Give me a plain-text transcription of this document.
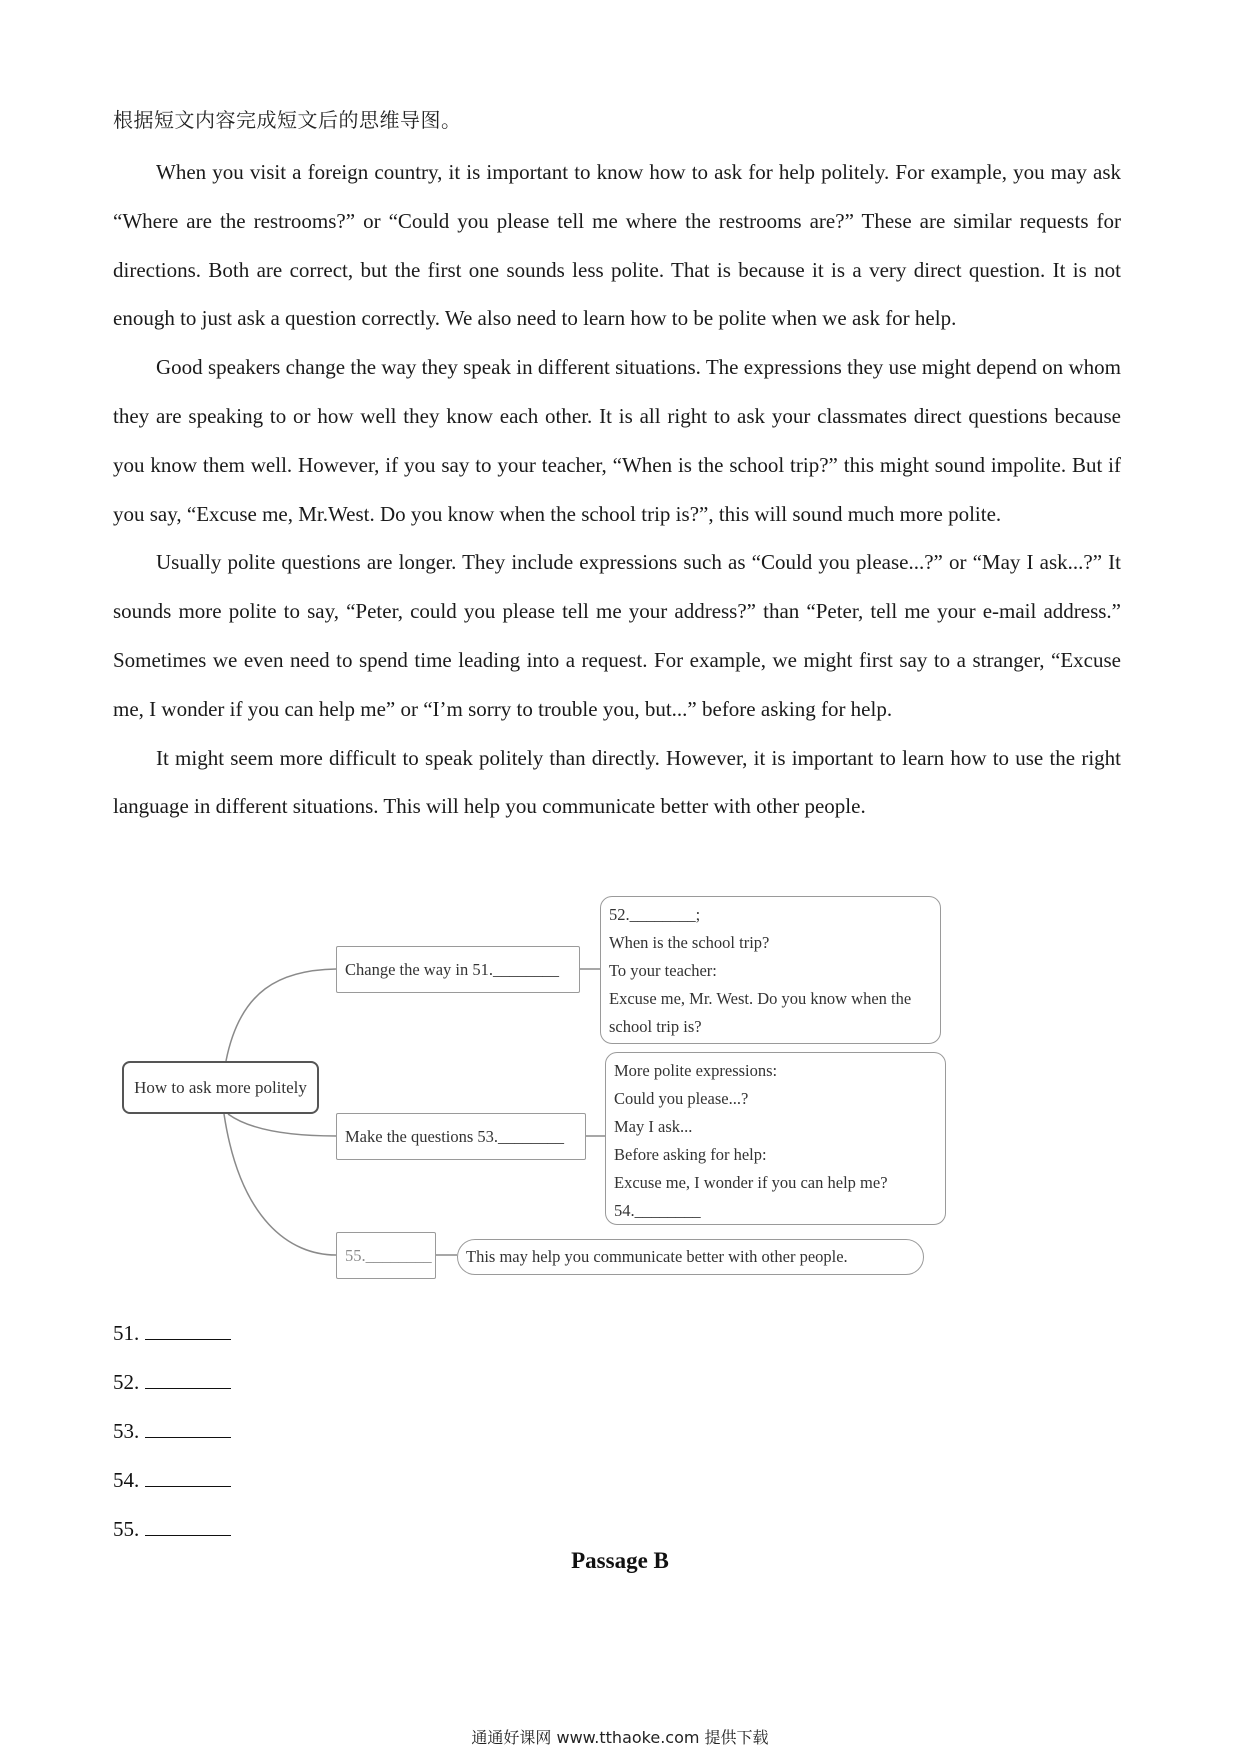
根据短文内容完成短文后的思维导图。

When you visit a foreign country, it is important to know how to ask for help politely. For example, you may ask “Where are the restrooms?” or “Could you please tell me where the restrooms are?” These are similar requests for directions. Both are correct, but the first one sounds less polite. That is because it is a very direct question. It is not enough to just ask a question correctly. We also need to learn how to be polite when we ask for help.

Good speakers change the way they speak in different situations. The expressions they use might depend on whom they are speaking to or how well they know each other. It is all right to ask your classmates direct questions because you know them well. However, if you say to your teacher, “When is the school trip?” this might sound impolite. But if you say, “Excuse me, Mr.West. Do you know when the school trip is?”, this will sound much more polite.

Usually polite questions are longer. They include expressions such as “Could you please...?” or “May I ask...?” It sounds more polite to say, “Peter, could you please tell me your address?” than “Peter, tell me your e-mail address.” Sometimes we even need to spend time leading into a request. For example, we might first say to a stranger, “Excuse me, I wonder if you can help me” or “I’m sorry to trouble you, but...” before asking for help.

It might seem more difficult to speak politely than directly. However, it is important to learn how to use the right language in different situations. This will help you communicate better with other people.

How to ask more politely
Change the way in 51.________
Make the questions 53.________
55.________
52.________;
When is the school trip?
To your teacher:
Excuse me, Mr. West. Do you know when the
school trip is?
More polite expressions:
Could you please...?
May I ask...
Before asking for help:
Excuse me, I wonder if you can help me?
54.________
This may help you communicate better with other people.
51.
52.
53.
54.
55.
Passage B
通通好课网 www.tthaoke.com 提供下载
